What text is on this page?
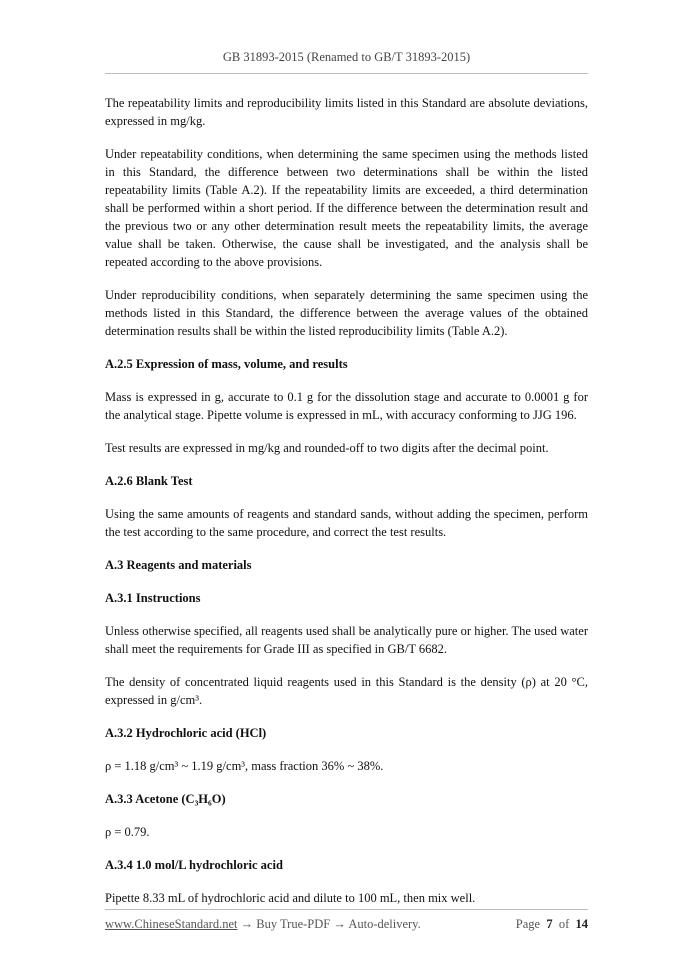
GB 31893-2015 (Renamed to GB/T 31893-2015)

The repeatability limits and reproducibility limits listed in this Standard are absolute deviations, expressed in mg/kg.

Under repeatability conditions, when determining the same specimen using the methods listed in this Standard, the difference between two determinations shall be within the listed repeatability limits (Table A.2). If the repeatability limits are exceeded, a third determination shall be performed within a short period. If the difference between the determination result and the previous two or any other determination result meets the repeatability limits, the average value shall be taken. Otherwise, the cause shall be investigated, and the analysis shall be repeated according to the above provisions.

Under reproducibility conditions, when separately determining the same specimen using the methods listed in this Standard, the difference between the average values of the obtained determination results shall be within the listed reproducibility limits (Table A.2).

A.2.5 Expression of mass, volume, and results

Mass is expressed in g, accurate to 0.1 g for the dissolution stage and accurate to 0.0001 g for the analytical stage. Pipette volume is expressed in mL, with accuracy conforming to JJG 196.

Test results are expressed in mg/kg and rounded-off to two digits after the decimal point.

A.2.6 Blank Test

Using the same amounts of reagents and standard sands, without adding the specimen, perform the test according to the same procedure, and correct the test results.

A.3 Reagents and materials
A.3.1 Instructions

Unless otherwise specified, all reagents used shall be analytically pure or higher. The used water shall meet the requirements for Grade III as specified in GB/T 6682.

The density of concentrated liquid reagents used in this Standard is the density (ρ) at 20 °C, expressed in g/cm³.

A.3.2 Hydrochloric acid (HCl)

ρ = 1.18 g/cm³ ~ 1.19 g/cm³, mass fraction 36% ~ 38%.

A.3.3 Acetone (C₃H₆O)

ρ = 0.79.

A.3.4 1.0 mol/L hydrochloric acid

Pipette 8.33 mL of hydrochloric acid and dilute to 100 mL, then mix well.

www.ChineseStandard.net → Buy True-PDF → Auto-delivery.	Page 7 of 14
